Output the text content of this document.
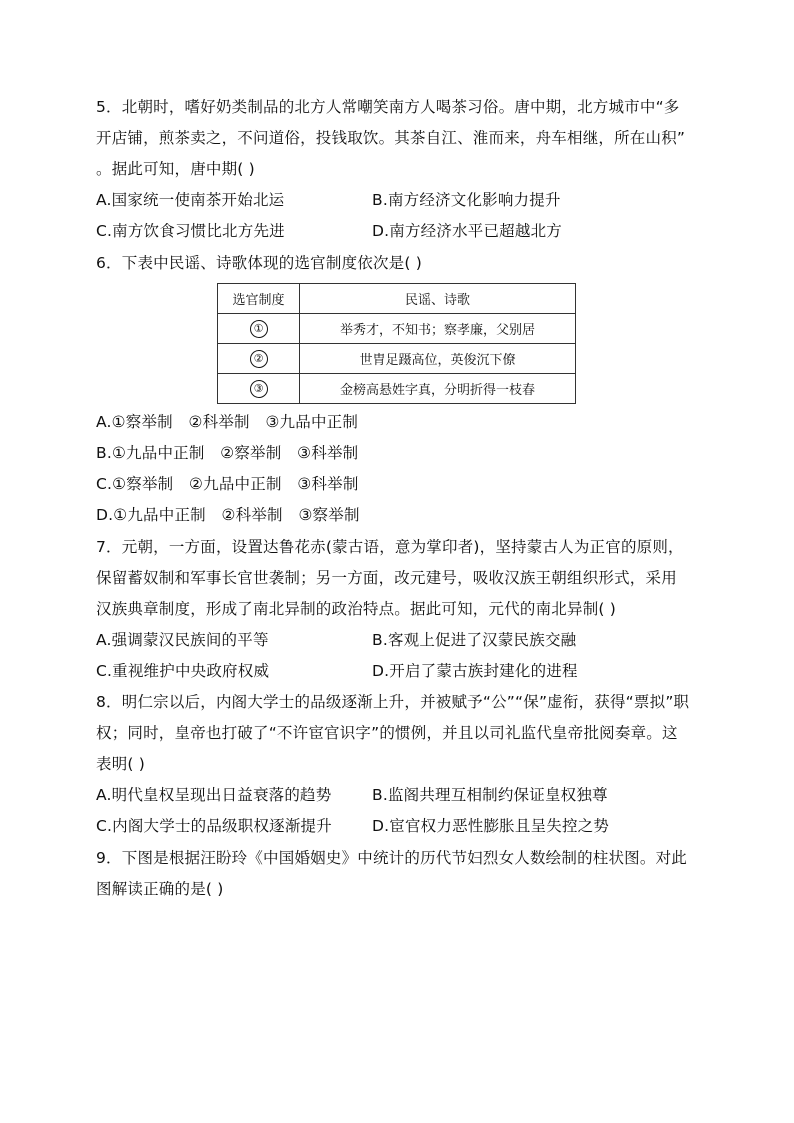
5．北朝时，嗜好奶类制品的北方人常嘲笑南方人喝茶习俗。唐中期，北方城市中“多
开店铺，煎茶卖之，不问道俗，投钱取饮。其茶自江、淮而来，舟车相继，所在山积”
。据此可知，唐中期( )
A.国家统一使南茶开始北运	B.南方经济文化影响力提升
C.南方饮食习惯比北方先进	D.南方经济水平已超越北方
6．下表中民谣、诗歌体现的选官制度依次是( )
选官制度	民谣、诗歌
①	举秀才，不知书；察孝廉，父别居
②	世胄足蹑高位，英俊沉下僚
③	金榜高悬姓字真，分明折得一枝春
A.①察举制　②科举制　③九品中正制
B.①九品中正制　②察举制　③科举制
C.①察举制　②九品中正制　③科举制
D.①九品中正制　②科举制　③察举制
7．元朝，一方面，设置达鲁花赤(蒙古语，意为掌印者)，坚持蒙古人为正官的原则，
保留蓄奴制和军事长官世袭制；另一方面，改元建号，吸收汉族王朝组织形式，采用
汉族典章制度，形成了南北异制的政治特点。据此可知，元代的南北异制( )
A.强调蒙汉民族间的平等	B.客观上促进了汉蒙民族交融
C.重视维护中央政府权威	D.开启了蒙古族封建化的进程
8．明仁宗以后，内阁大学士的品级逐渐上升，并被赋予“公”“保”虚衔，获得“票拟”职
权；同时，皇帝也打破了“不许宦官识字”的惯例，并且以司礼监代皇帝批阅奏章。这
表明( )
A.明代皇权呈现出日益衰落的趋势	B.监阁共理互相制约保证皇权独尊
C.内阁大学士的品级职权逐渐提升	D.宦官权力恶性膨胀且呈失控之势
9．下图是根据汪盼玲《中国婚姻史》中统计的历代节妇烈女人数绘制的柱状图。对此
图解读正确的是( )
